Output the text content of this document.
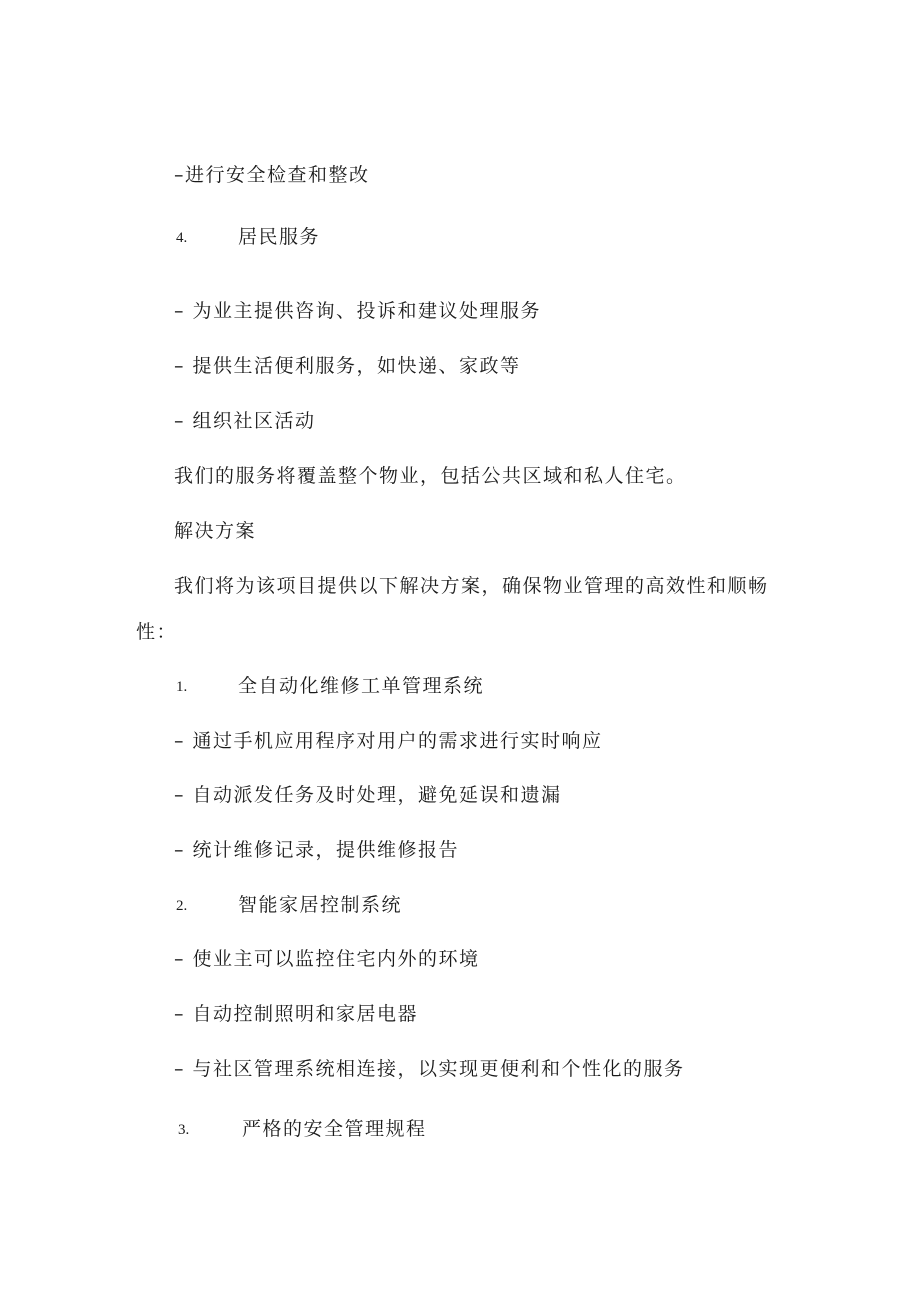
–进行安全检查和整改
4.	居民服务
– 为业主提供咨询、投诉和建议处理服务
– 提供生活便利服务，如快递、家政等
– 组织社区活动
我们的服务将覆盖整个物业，包括公共区域和私人住宅。
解决方案
我们将为该项目提供以下解决方案，确保物业管理的高效性和顺畅
性：
1.	全自动化维修工单管理系统
– 通过手机应用程序对用户的需求进行实时响应
– 自动派发任务及时处理，避免延误和遗漏
– 统计维修记录，提供维修报告
2.	智能家居控制系统
– 使业主可以监控住宅内外的环境
– 自动控制照明和家居电器
– 与社区管理系统相连接，以实现更便利和个性化的服务
3.	严格的安全管理规程
